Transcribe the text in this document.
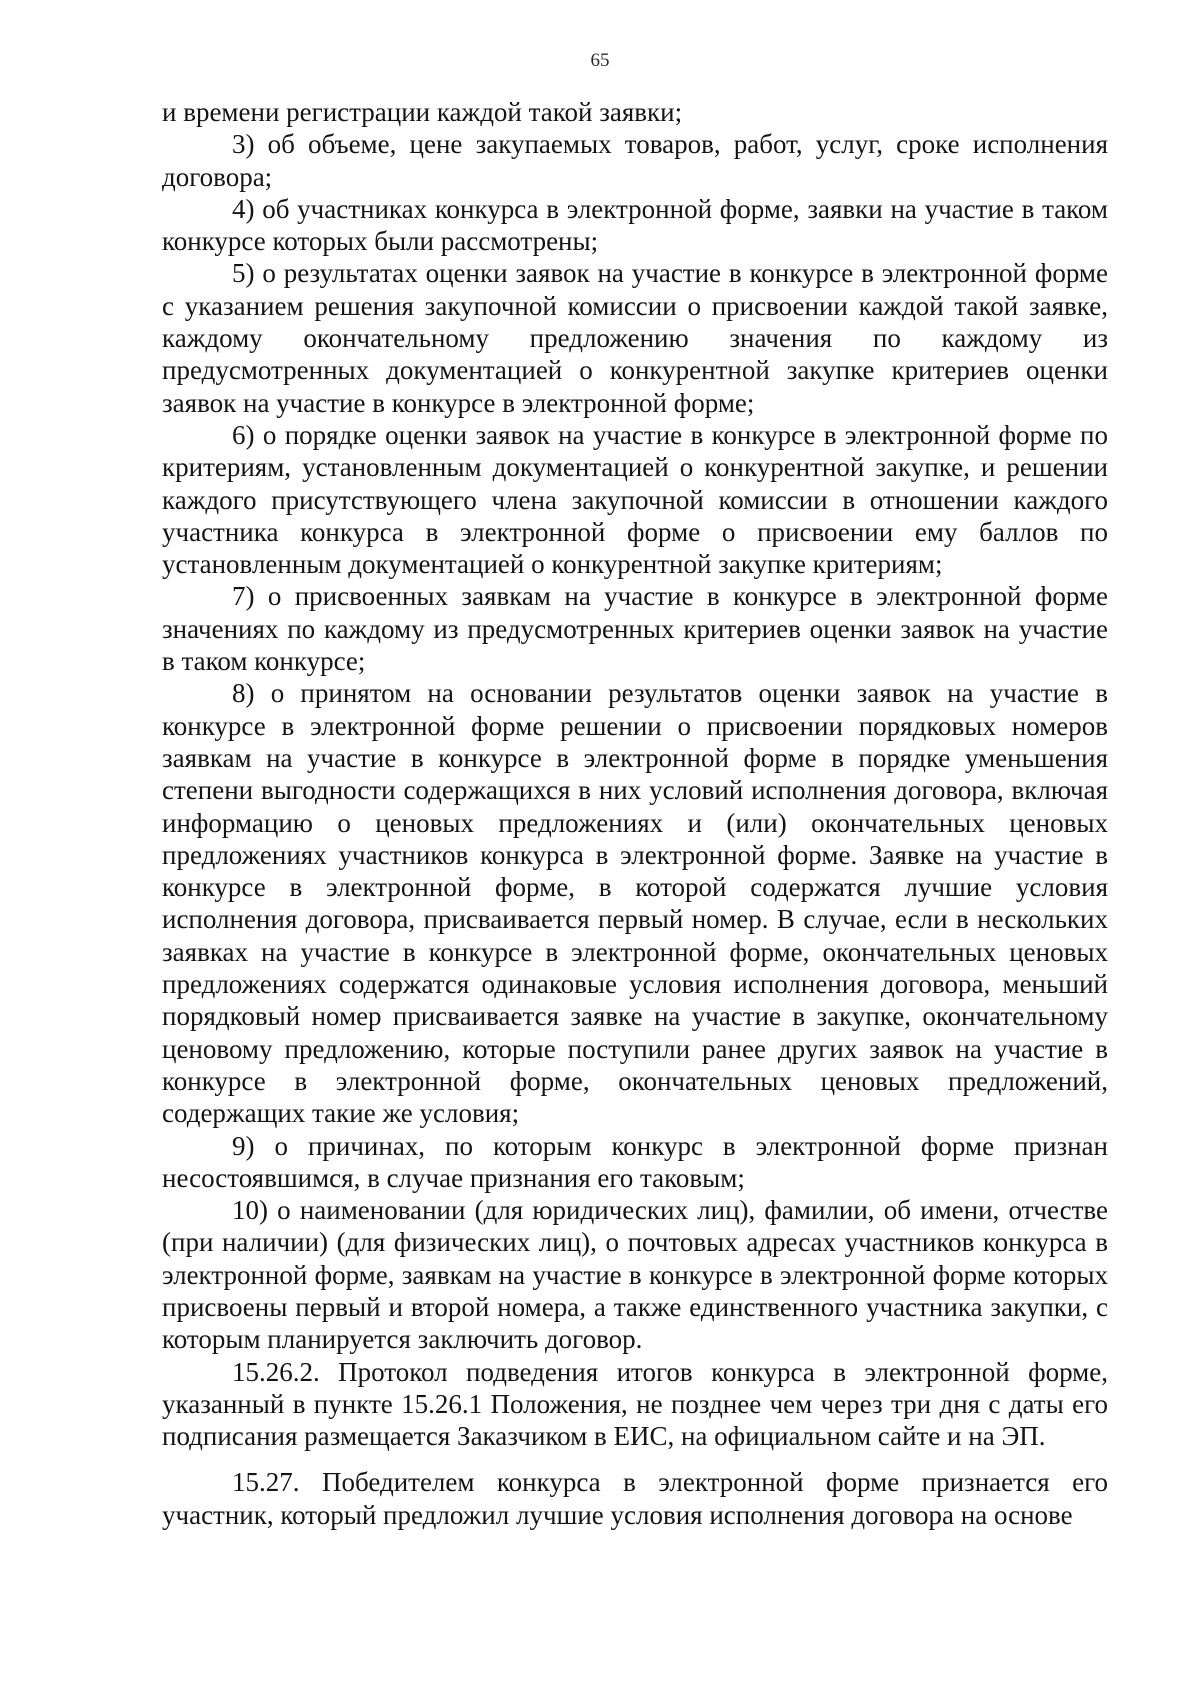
65

и времени регистрации каждой такой заявки;

3) об объеме, цене закупаемых товаров, работ, услуг, сроке исполнения договора;

4) об участниках конкурса в электронной форме, заявки на участие в таком конкурсе которых были рассмотрены;

5) о результатах оценки заявок на участие в конкурсе в электронной форме с указанием решения закупочной комиссии о присвоении каждой такой заявке, каждому окончательному предложению значения по каждому из предусмотренных документацией о конкурентной закупке критериев оценки заявок на участие в конкурсе в электронной форме;

6) о порядке оценки заявок на участие в конкурсе в электронной форме по критериям, установленным документацией о конкурентной закупке, и решении каждого присутствующего члена закупочной комиссии в отношении каждого участника конкурса в электронной форме о присвоении ему баллов по установленным документацией о конкурентной закупке критериям;

7) о присвоенных заявкам на участие в конкурсе в электронной форме значениях по каждому из предусмотренных критериев оценки заявок на участие в таком конкурсе;

8) о принятом на основании результатов оценки заявок на участие в конкурсе в электронной форме решении о присвоении порядковых номеров заявкам на участие в конкурсе в электронной форме в порядке уменьшения степени выгодности содержащихся в них условий исполнения договора, включая информацию о ценовых предложениях и (или) окончательных ценовых предложениях участников конкурса в электронной форме. Заявке на участие в конкурсе в электронной форме, в которой содержатся лучшие условия исполнения договора, присваивается первый номер. В случае, если в нескольких заявках на участие в конкурсе в электронной форме, окончательных ценовых предложениях содержатся одинаковые условия исполнения договора, меньший порядковый номер присваивается заявке на участие в закупке, окончательному ценовому предложению, которые поступили ранее других заявок на участие в конкурсе в электронной форме, окончательных ценовых предложений, содержащих такие же условия;

9) о причинах, по которым конкурс в электронной форме признан несостоявшимся, в случае признания его таковым;

10) о наименовании (для юридических лиц), фамилии, об имени, отчестве (при наличии) (для физических лиц), о почтовых адресах участников конкурса в электронной форме, заявкам на участие в конкурсе в электронной форме которых присвоены первый и второй номера, а также единственного участника закупки, с которым планируется заключить договор.

15.26.2. Протокол подведения итогов конкурса в электронной форме, указанный в пункте 15.26.1 Положения, не позднее чем через три дня с даты его подписания размещается Заказчиком в ЕИС, на официальном сайте и на ЭП.

15.27. Победителем конкурса в электронной форме признается его участник, который предложил лучшие условия исполнения договора на основе
